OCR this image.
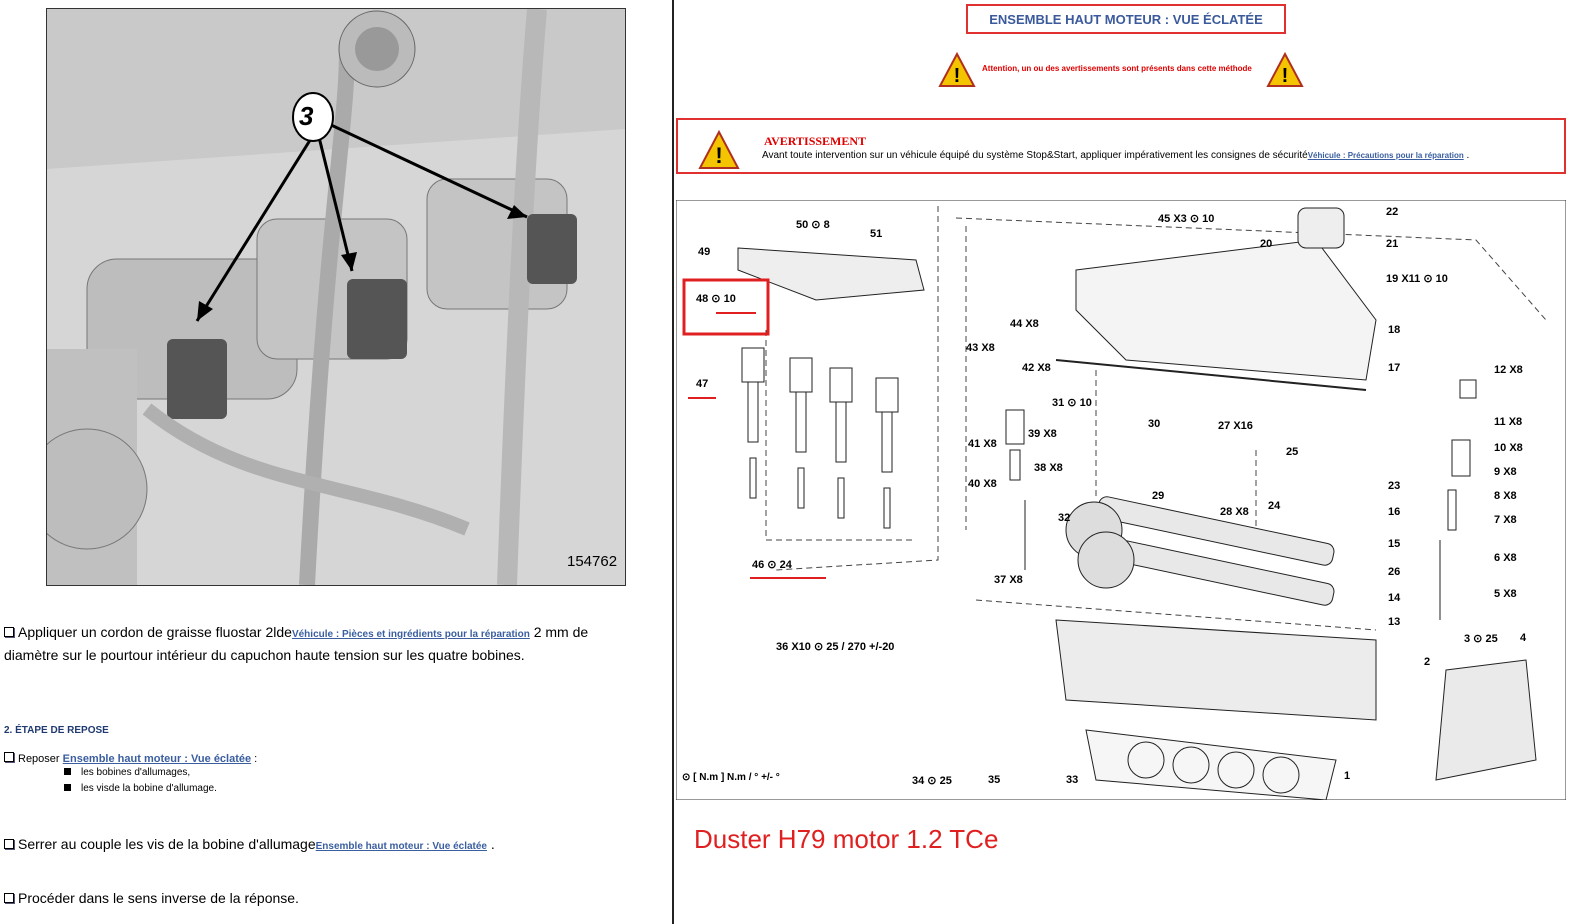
3
154762
Appliquer un cordon de graisse fluostar 2ldeVéhicule : Pièces et ingrédients pour la réparation 2 mm de
diamètre sur le pourtour intérieur du capuchon haute tension sur les quatre bobines.
2. ÉTAPE DE REPOSE
Reposer Ensemble haut moteur : Vue éclatée :
les bobines d'allumages,
les visde la bobine d'allumage.
Serrer au couple les vis de la bobine d'allumageEnsemble haut moteur : Vue éclatée .
Procéder dans le sens inverse de la réponse.
ENSEMBLE HAUT MOTEUR : VUE ÉCLATÉE
!	Attention, un ou des avertissements sont présents dans cette méthode !
!
AVERTISSEMENT
Avant toute intervention sur un véhicule équipé du système Stop&Start, appliquer impérativement les consignes de sécuritéVéhicule : Précautions pour la réparation .
50 ⊙ 8
51
49
48 ⊙ 10
47
46 ⊙ 24
45 X3 ⊙ 10
44 X8
43 X8
42 X8
41 X8
40 X8
39 X8
38 X8
37 X8
36 X10 ⊙ 25 / 270 +/-20
35
34 ⊙ 25	33
32
31 ⊙ 10
30
29
28 X8
27 X16
26
25
24
23
22
21
20
19 X11 ⊙ 10
18
17
16
15
14
13
12 X8
11 X8
10 X8
9 X8
8 X8
7 X8
6 X8
5 X8
4
3 ⊙ 25
2
1
⊙ [ N.m ] N.m / ° +/- °
Duster H79 motor 1.2 TCe
